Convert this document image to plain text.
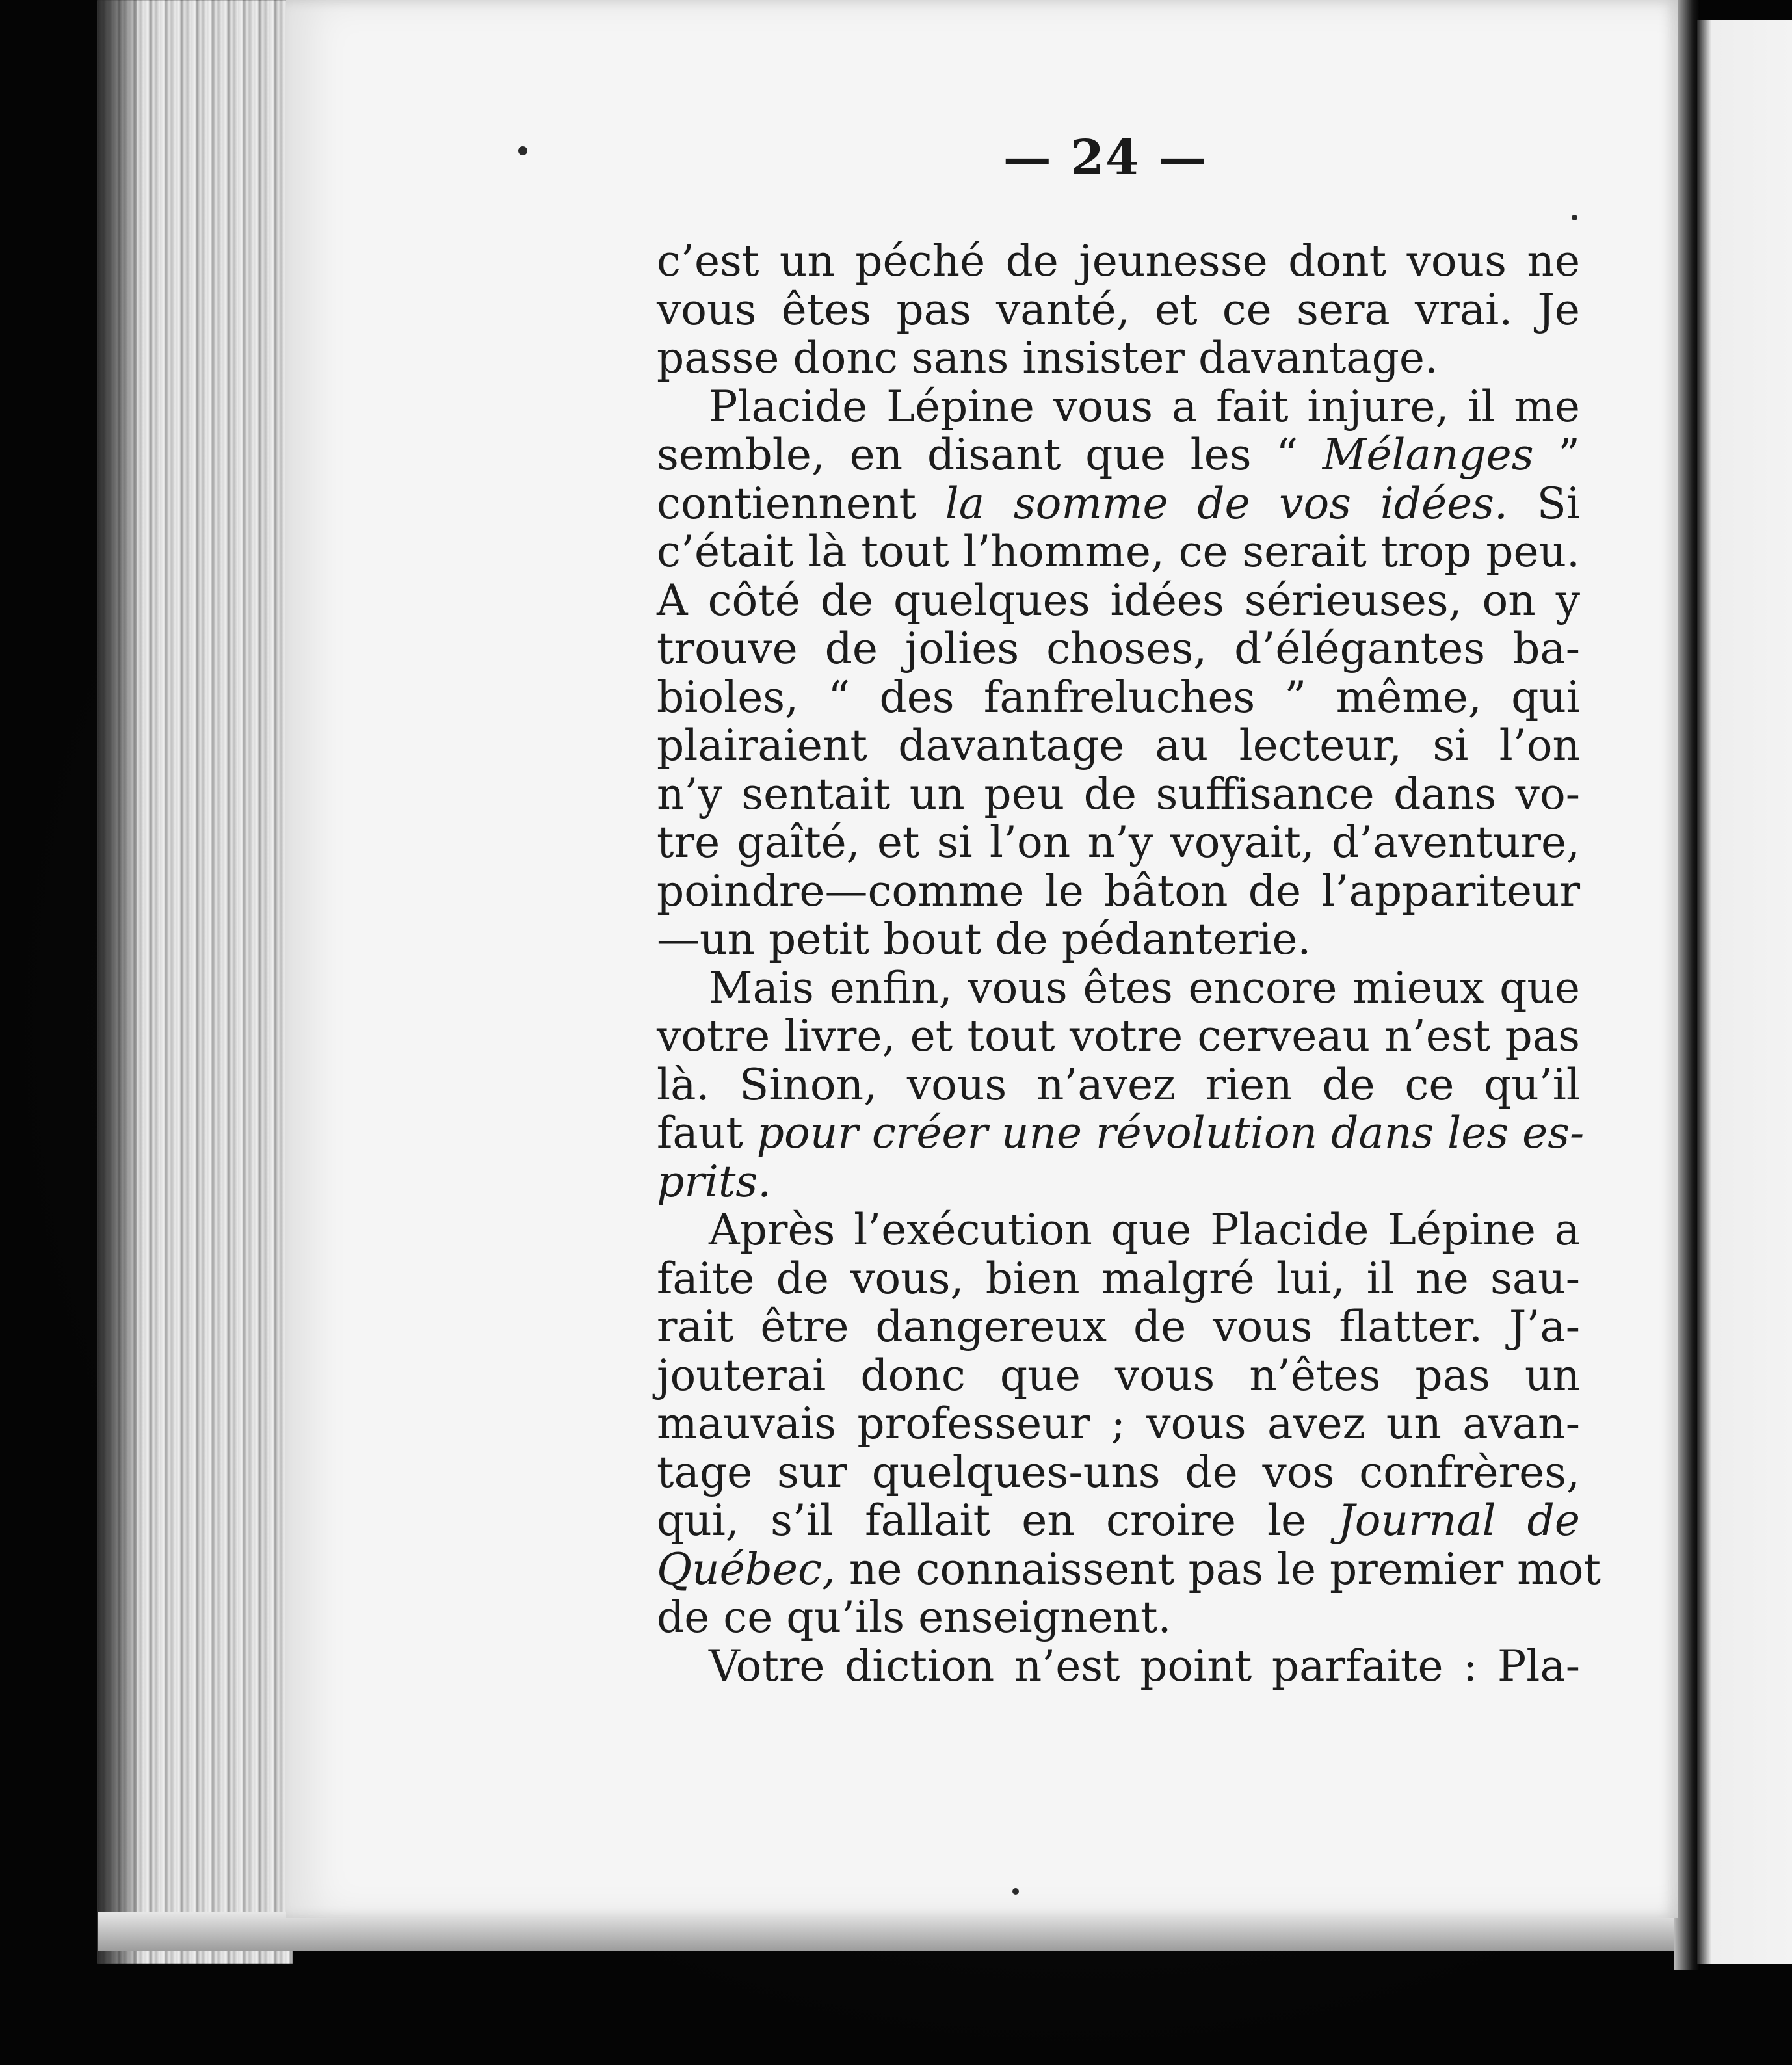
— 24 —
c’est un péché de jeunesse dont vous ne
vous êtes pas vanté, et ce sera vrai. Je
passe donc sans insister davantage.
Placide Lépine vous a fait injure, il me
semble, en disant que les “ Mélanges ”
contiennent la somme de vos idées. Si
c’était là tout l’homme, ce serait trop peu.
A côté de quelques idées sérieuses, on y
trouve de jolies choses, d’élégantes ba-
bioles, “ des fanfreluches ” même, qui
plairaient davantage au lecteur, si l’on
n’y sentait un peu de suffisance dans vo-
tre gaîté, et si l’on n’y voyait, d’aventure,
poindre—comme le bâton de l’appariteur
—un petit bout de pédanterie.
Mais enfin, vous êtes encore mieux que
votre livre, et tout votre cerveau n’est pas
là. Sinon, vous n’avez rien de ce qu’il
faut pour créer une révolution dans les es-
prits.
Après l’exécution que Placide Lépine a
faite de vous, bien malgré lui, il ne sau-
rait être dangereux de vous flatter. J’a-
jouterai donc que vous n’êtes pas un
mauvais professeur ; vous avez un avan-
tage sur quelques-uns de vos confrères,
qui, s’il fallait en croire le Journal de
Québec, ne connaissent pas le premier mot
de ce qu’ils enseignent.
Votre diction n’est point parfaite : Pla-
